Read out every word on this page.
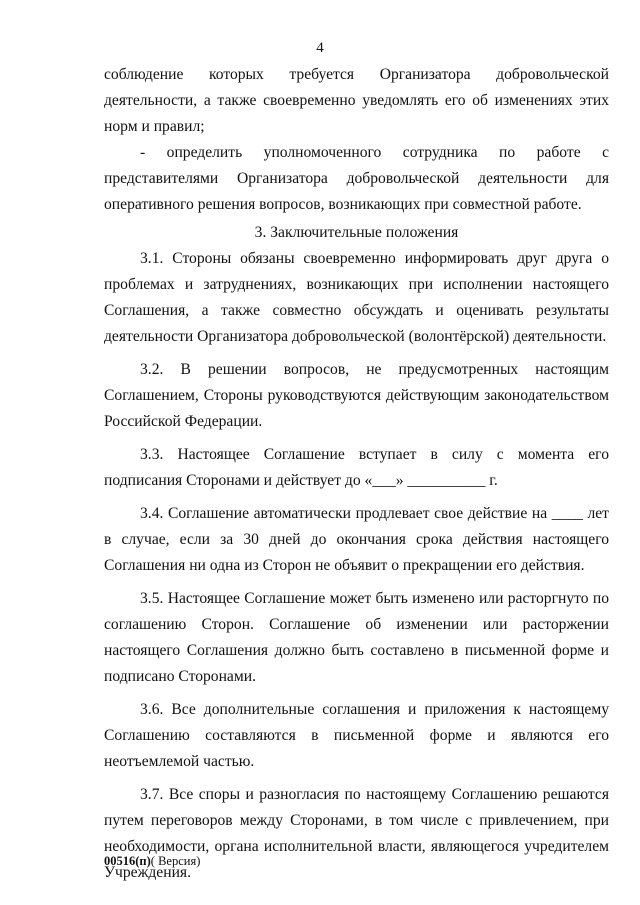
4

соблюдение которых требуется Организатора добровольческой деятельности, а также своевременно уведомлять его об изменениях этих норм и правил;

- определить уполномоченного сотрудника по работе с представителями Организатора добровольческой деятельности для оперативного решения вопросов, возникающих при совместной работе.

3. Заключительные положения

3.1. Стороны обязаны своевременно информировать друг друга о проблемах и затруднениях, возникающих при исполнении настоящего Соглашения, а также совместно обсуждать и оценивать результаты деятельности Организатора добровольческой (волонтёрской) деятельности.

3.2. В решении вопросов, не предусмотренных настоящим Соглашением, Стороны руководствуются действующим законодательством Российской Федерации.

3.3. Настоящее Соглашение вступает в силу с момента его подписания Сторонами и действует до «___» __________ г.

3.4. Соглашение автоматически продлевает свое действие на ____ лет в случае, если за 30 дней до окончания срока действия настоящего Соглашения ни одна из Сторон не объявит о прекращении его действия.

3.5. Настоящее Соглашение может быть изменено или расторгнуто по соглашению Сторон. Соглашение об изменении или расторжении настоящего Соглашения должно быть составлено в письменной форме и подписано Сторонами.

3.6. Все дополнительные соглашения и приложения к настоящему Соглашению составляются в письменной форме и являются его неотъемлемой частью.

3.7. Все споры и разногласия по настоящему Соглашению решаются путем переговоров между Сторонами, в том числе с привлечением, при необходимости, органа исполнительной власти, являющегося учредителем Учреждения.

00516(п)( Версия)
